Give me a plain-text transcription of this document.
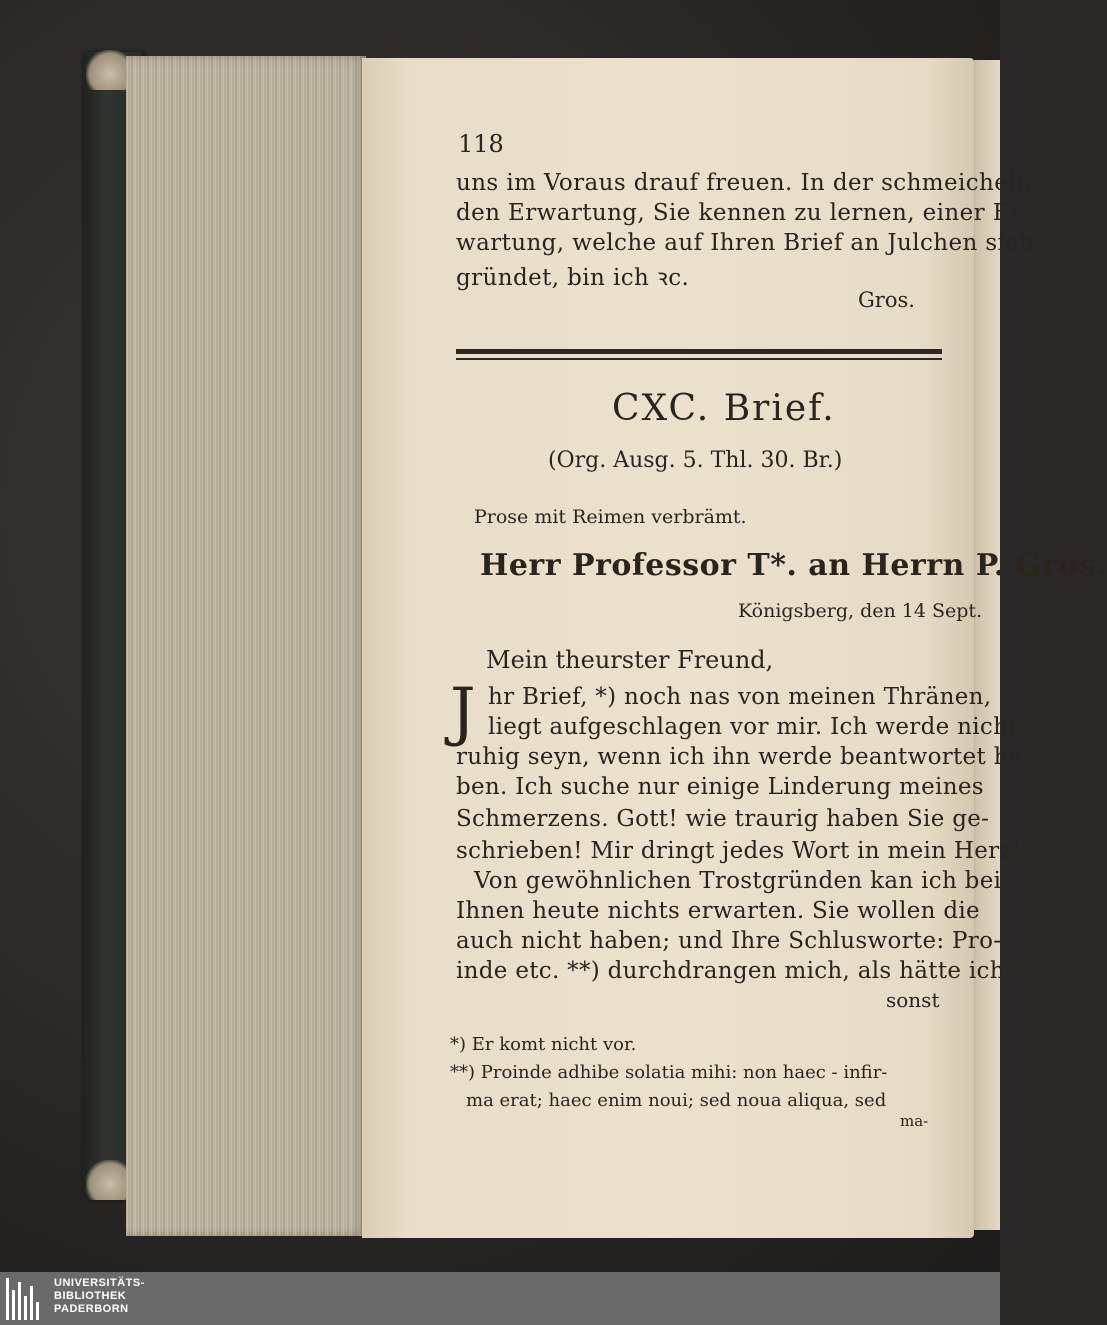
118
uns im Voraus drauf freuen. In der schmeicheln-
den Erwartung, Sie kennen zu lernen, einer Er-
wartung, welche auf Ihren Brief an Julchen sich
gründet, bin ich ꝛc.
Gros.
CXC. Brief.
(Org. Ausg. 5. Thl. 30. Br.)
Prose mit Reimen verbrämt.
Herr Professor T*. an Herrn P. Gros.
Königsberg, den 14 Sept.
Mein theurster Freund,
J hr Brief, *) noch nas von meinen Thränen,
liegt aufgeschlagen vor mir. Ich werde nicht
ruhig seyn, wenn ich ihn werde beantwortet ha-
ben. Ich suche nur einige Linderung meines
Schmerzens. Gott! wie traurig haben Sie ge-
schrieben! Mir dringt jedes Wort in mein Herz!
Von gewöhnlichen Trostgründen kan ich bei
Ihnen heute nichts erwarten. Sie wollen die
auch nicht haben; und Ihre Schlusworte: Pro-
inde etc. **) durchdrangen mich, als hätte ich
sonst
*) Er komt nicht vor.
**) Proinde adhibe solatia mihi: non haec - infir-
ma erat; haec enim noui; sed noua aliqua, sed
ma-
UNIVERSITÄTS-
BIBLIOTHEK
PADERBORN
